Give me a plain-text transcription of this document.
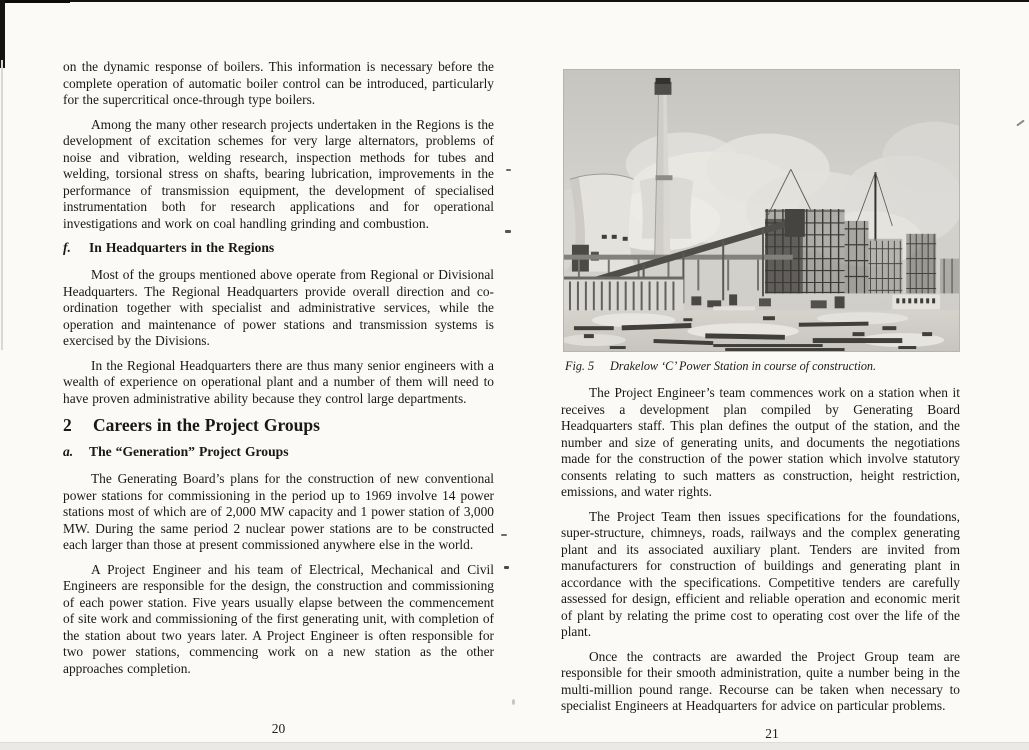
on the dynamic response of boilers. This information is necessary before the complete operation of automatic boiler control can be introduced, particularly for the supercritical once-through type boilers.

Among the many other research projects undertaken in the Regions is the development of excitation schemes for very large alternators, problems of noise and vibration, welding research, inspection methods for tubes and welding, torsional stress on shafts, bearing lubrication, improvements in the performance of transmission equipment, the development of specialised instrumentation both for research applications and for operational investigations and work on coal handling grinding and combustion.

f. In Headquarters in the Regions

Most of the groups mentioned above operate from Regional or Divisional Headquarters. The Regional Headquarters provide overall direction and co-ordination together with specialist and administrative services, while the operation and maintenance of power stations and transmission systems is exercised by the Divisions.

In the Regional Headquarters there are thus many senior engineers with a wealth of experience on operational plant and a number of them will need to have proven administrative ability because they control large departments.

2 Careers in the Project Groups
a. The “Generation” Project Groups

The Generating Board’s plans for the construction of new conventional power stations for commissioning in the period up to 1969 involve 14 power stations most of which are of 2,000 MW capacity and 1 power station of 3,000 MW. During the same period 2 nuclear power stations are to be constructed each larger than those at present commissioned anywhere else in the world.

A Project Engineer and his team of Electrical, Mechanical and Civil Engineers are responsible for the design, the construction and commissioning of each power station. Five years usually elapse between the commencement of site work and commissioning of the first generating unit, with completion of the station about two years later. A Project Engineer is often responsible for two power stations, commencing work on a new station as the other approaches completion.

20
Fig. 5 Drakelow ‘C’ Power Station in course of construction.

The Project Engineer’s team commences work on a station when it receives a development plan compiled by Generating Board Headquarters staff. This plan defines the output of the station, and the number and size of generating units, and documents the negotiations made for the construction of the power station which involve statutory consents relating to such matters as construction, height restriction, emissions, and water rights.

The Project Team then issues specifications for the foundations, super-structure, chimneys, roads, railways and the complex generating plant and its associated auxiliary plant. Tenders are invited from manufacturers for construction of buildings and generating plant in accordance with the specifications. Competitive tenders are carefully assessed for design, efficient and reliable operation and economic merit of plant by relating the prime cost to operating cost over the life of the plant.

Once the contracts are awarded the Project Group team are responsible for their smooth administration, quite a number being in the multi-million pound range. Recourse can be taken when necessary to specialist Engineers at Headquarters for advice on particular problems.

21
